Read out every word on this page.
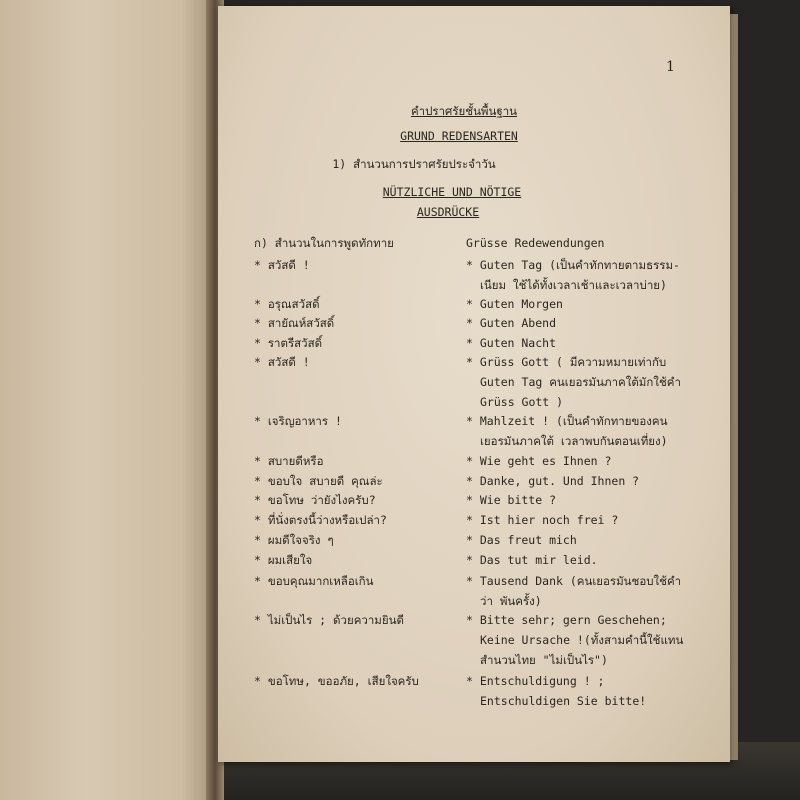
1
คำปราศรัยชั้นพื้นฐาน
GRUND REDENSARTEN
1) สำนวนการปราศรัยประจำวัน
NÜTZLICHE UND NÖTIGE
AUSDRÜCKE
ก) สำนวนในการพูดทักทาย	Grüsse Redewendungen
* สวัสดี !	* Guten Tag (เป็นคำทักทายตามธรรม-
เนียม ใช้ได้ทั้งเวลาเช้าและเวลาบ่าย)
* อรุณสวัสดิ์	* Guten Morgen
* สายัณห์สวัสดิ์	* Guten Abend
* ราตรีสวัสดิ์	* Guten Nacht
* สวัสดี !	* Grüss Gott ( มีความหมายเท่ากับ
Guten Tag คนเยอรมันภาคใต้มักใช้คำ
Grüss Gott )
* เจริญอาหาร !	* Mahlzeit ! (เป็นคำทักทายของคน
เยอรมันภาคใต้ เวลาพบกันตอนเที่ยง)
* สบายดีหรือ	* Wie geht es Ihnen ?
* ขอบใจ สบายดี คุณล่ะ	* Danke, gut. Und Ihnen ?
* ขอโทษ ว่ายังไงครับ?	* Wie bitte ?
* ที่นั่งตรงนี้ว่างหรือเปล่า?	* Ist hier noch frei ?
* ผมดีใจจริง ๆ	* Das freut mich
* ผมเสียใจ	* Das tut mir leid.
* ขอบคุณมากเหลือเกิน	* Tausend Dank (คนเยอรมันชอบใช้คำ
ว่า พันครั้ง)
* ไม่เป็นไร ; ด้วยความยินดี	* Bitte sehr; gern Geschehen;
Keine Ursache !(ทั้งสามคำนี้ใช้แทน
สำนวนไทย "ไม่เป็นไร")
* ขอโทษ, ขออภัย, เสียใจครับ	* Entschuldigung ! ;
Entschuldigen Sie bitte!
